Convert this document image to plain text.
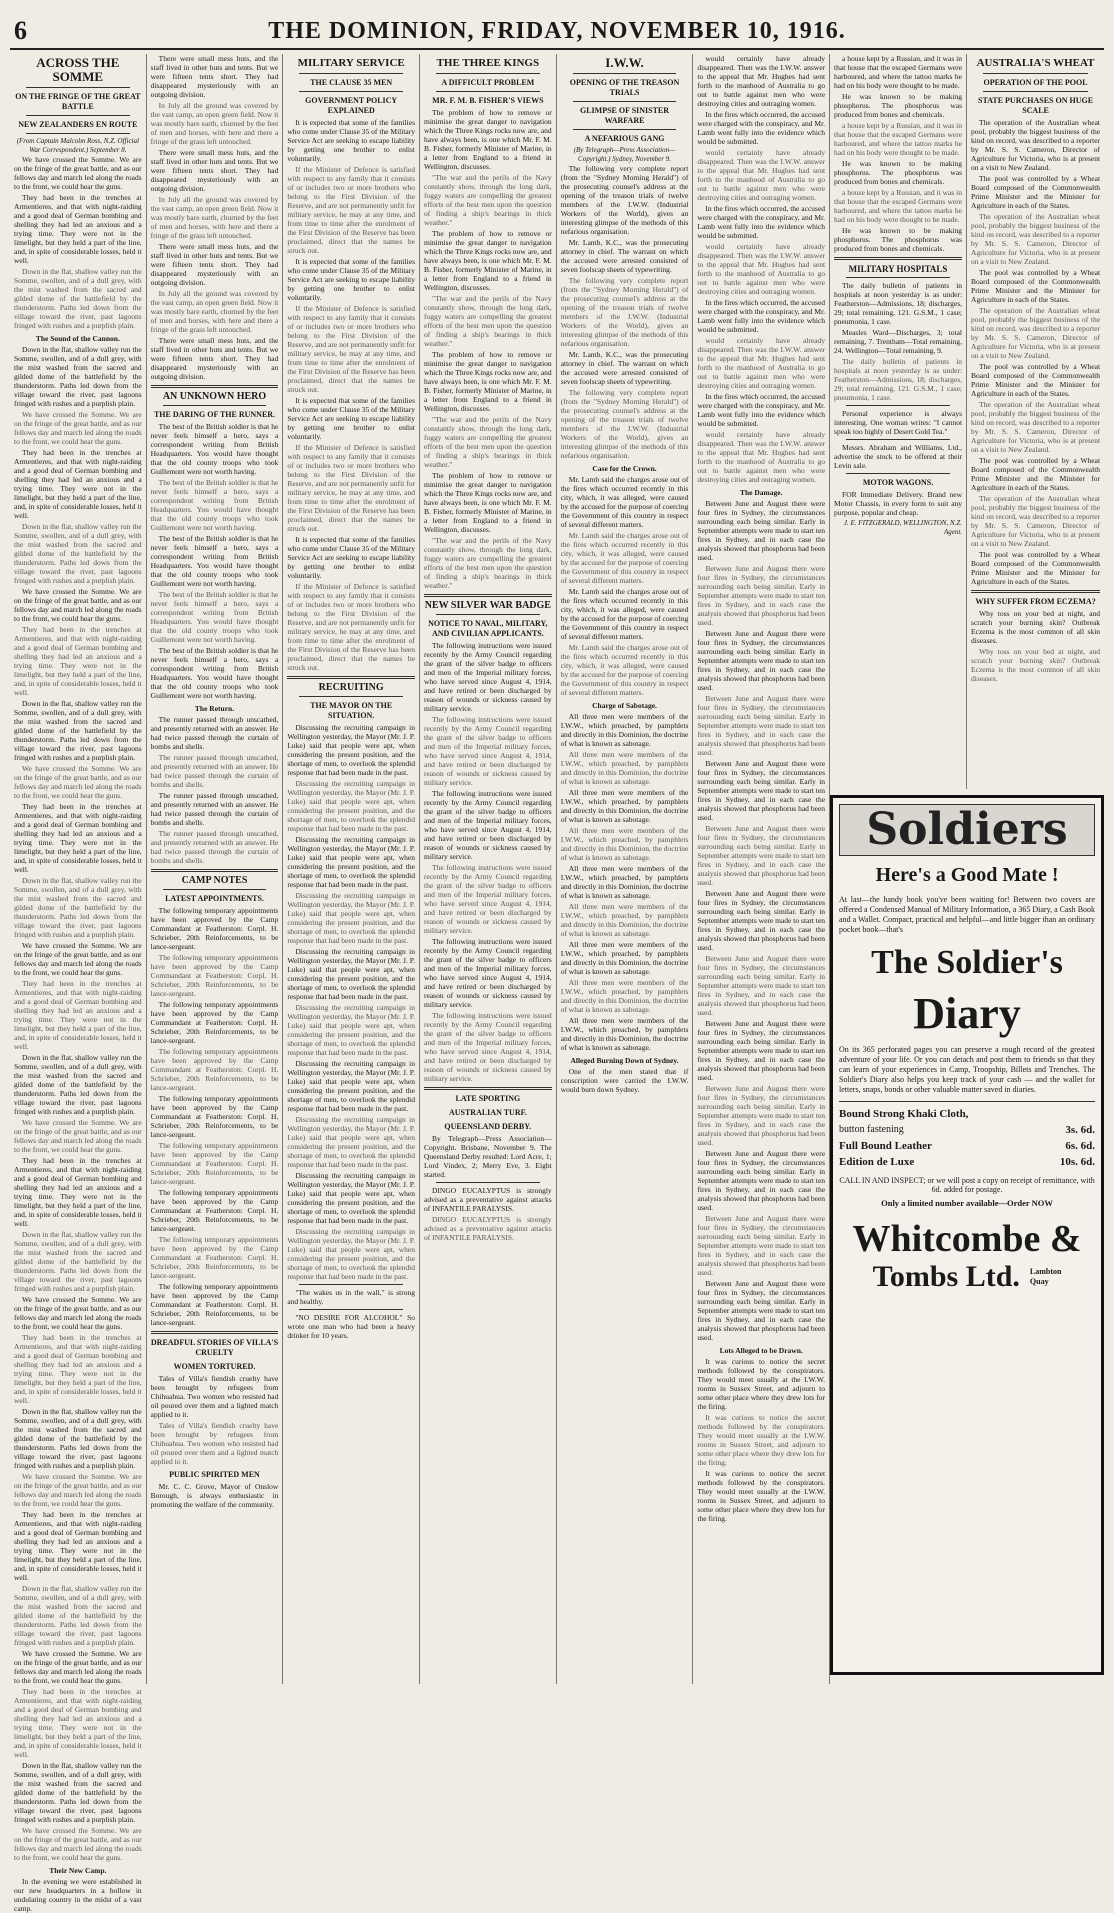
6	THE DOMINION, FRIDAY, NOVEMBER 10, 1916.
ACROSS THE SOMME
ON THE FRINGE OF THE GREAT BATTLE
NEW ZEALANDERS EN ROUTE
(From Captain Malcolm Ross, N.Z. Official War Correspondent.) September 8.

We have crossed the Somme. We are on the fringe of the great battle, and as our fellows day and march led along the roads to the front, we could hear the guns.

They had been in the trenches at Armentieres, and that with night-raiding and a good deal of German bombing and shelling they had led an anxious and a trying time. They were not in the limelight, but they held a part of the line, and, in spite of considerable losses, held it well.

Down in the flat, shallow valley run the Somme, swollen, and of a dull grey, with the mist washed from the sacred and gilded dome of the battlefield by the thunderstorm. Paths led down from the village toward the river, past lagoons fringed with rushes and a purplish plain.

The Sound of the Cannon.

Down in the flat, shallow valley run the Somme, swollen, and of a dull grey, with the mist washed from the sacred and gilded dome of the battlefield by the thunderstorm. Paths led down from the village toward the river, past lagoons fringed with rushes and a purplish plain.

We have crossed the Somme. We are on the fringe of the great battle, and as our fellows day and march led along the roads to the front, we could hear the guns.

They had been in the trenches at Armentieres, and that with night-raiding and a good deal of German bombing and shelling they had led an anxious and a trying time. They were not in the limelight, but they held a part of the line, and, in spite of considerable losses, held it well.

Down in the flat, shallow valley run the Somme, swollen, and of a dull grey, with the mist washed from the sacred and gilded dome of the battlefield by the thunderstorm. Paths led down from the village toward the river, past lagoons fringed with rushes and a purplish plain.

We have crossed the Somme. We are on the fringe of the great battle, and as our fellows day and march led along the roads to the front, we could hear the guns.

They had been in the trenches at Armentieres, and that with night-raiding and a good deal of German bombing and shelling they had led an anxious and a trying time. They were not in the limelight, but they held a part of the line, and, in spite of considerable losses, held it well.

Down in the flat, shallow valley run the Somme, swollen, and of a dull grey, with the mist washed from the sacred and gilded dome of the battlefield by the thunderstorm. Paths led down from the village toward the river, past lagoons fringed with rushes and a purplish plain.

We have crossed the Somme. We are on the fringe of the great battle, and as our fellows day and march led along the roads to the front, we could hear the guns.

They had been in the trenches at Armentieres, and that with night-raiding and a good deal of German bombing and shelling they had led an anxious and a trying time. They were not in the limelight, but they held a part of the line, and, in spite of considerable losses, held it well.

Down in the flat, shallow valley run the Somme, swollen, and of a dull grey, with the mist washed from the sacred and gilded dome of the battlefield by the thunderstorm. Paths led down from the village toward the river, past lagoons fringed with rushes and a purplish plain.

We have crossed the Somme. We are on the fringe of the great battle, and as our fellows day and march led along the roads to the front, we could hear the guns.

They had been in the trenches at Armentieres, and that with night-raiding and a good deal of German bombing and shelling they had led an anxious and a trying time. They were not in the limelight, but they held a part of the line, and, in spite of considerable losses, held it well.

Down in the flat, shallow valley run the Somme, swollen, and of a dull grey, with the mist washed from the sacred and gilded dome of the battlefield by the thunderstorm. Paths led down from the village toward the river, past lagoons fringed with rushes and a purplish plain.

We have crossed the Somme. We are on the fringe of the great battle, and as our fellows day and march led along the roads to the front, we could hear the guns.

They had been in the trenches at Armentieres, and that with night-raiding and a good deal of German bombing and shelling they had led an anxious and a trying time. They were not in the limelight, but they held a part of the line, and, in spite of considerable losses, held it well.

Down in the flat, shallow valley run the Somme, swollen, and of a dull grey, with the mist washed from the sacred and gilded dome of the battlefield by the thunderstorm. Paths led down from the village toward the river, past lagoons fringed with rushes and a purplish plain.

We have crossed the Somme. We are on the fringe of the great battle, and as our fellows day and march led along the roads to the front, we could hear the guns.

They had been in the trenches at Armentieres, and that with night-raiding and a good deal of German bombing and shelling they had led an anxious and a trying time. They were not in the limelight, but they held a part of the line, and, in spite of considerable losses, held it well.

Down in the flat, shallow valley run the Somme, swollen, and of a dull grey, with the mist washed from the sacred and gilded dome of the battlefield by the thunderstorm. Paths led down from the village toward the river, past lagoons fringed with rushes and a purplish plain.

We have crossed the Somme. We are on the fringe of the great battle, and as our fellows day and march led along the roads to the front, we could hear the guns.

They had been in the trenches at Armentieres, and that with night-raiding and a good deal of German bombing and shelling they had led an anxious and a trying time. They were not in the limelight, but they held a part of the line, and, in spite of considerable losses, held it well.

Down in the flat, shallow valley run the Somme, swollen, and of a dull grey, with the mist washed from the sacred and gilded dome of the battlefield by the thunderstorm. Paths led down from the village toward the river, past lagoons fringed with rushes and a purplish plain.

We have crossed the Somme. We are on the fringe of the great battle, and as our fellows day and march led along the roads to the front, we could hear the guns.

They had been in the trenches at Armentieres, and that with night-raiding and a good deal of German bombing and shelling they had led an anxious and a trying time. They were not in the limelight, but they held a part of the line, and, in spite of considerable losses, held it well.

Down in the flat, shallow valley run the Somme, swollen, and of a dull grey, with the mist washed from the sacred and gilded dome of the battlefield by the thunderstorm. Paths led down from the village toward the river, past lagoons fringed with rushes and a purplish plain.

We have crossed the Somme. We are on the fringe of the great battle, and as our fellows day and march led along the roads to the front, we could hear the guns.

Their New Camp.

In the evening we were established in our new headquarters in a hollow in undulating country in the midst of a vast camp.

There were small mess huts, and the staff lived in other huts and tents. But we were fifteen tents short. They had disappeared mysteriously with an outgoing division.

In July all the ground was covered by the vast camp, an open green field. Now it was mostly bare earth, churned by the feet of men and horses, with here and there a fringe of the grass left untouched.

There were small mess huts, and the staff lived in other huts and tents. But we were fifteen tents short. They had disappeared mysteriously with an outgoing division.

In July all the ground was covered by the vast camp, an open green field. Now it was mostly bare earth, churned by the feet of men and horses, with here and there a fringe of the grass left untouched.

There were small mess huts, and the staff lived in other huts and tents. But we were fifteen tents short. They had disappeared mysteriously with an outgoing division.

In July all the ground was covered by the vast camp, an open green field. Now it was mostly bare earth, churned by the feet of men and horses, with here and there a fringe of the grass left untouched.

There were small mess huts, and the staff lived in other huts and tents. But we were fifteen tents short. They had disappeared mysteriously with an outgoing division.

AN UNKNOWN HERO
THE DARING OF THE RUNNER.

The best of the British soldier is that he never feels himself a hero, says a correspondent writing from British Headquarters. You would have thought that the old county troops who took Guillemont were not worth having.

The best of the British soldier is that he never feels himself a hero, says a correspondent writing from British Headquarters. You would have thought that the old county troops who took Guillemont were not worth having.

The best of the British soldier is that he never feels himself a hero, says a correspondent writing from British Headquarters. You would have thought that the old county troops who took Guillemont were not worth having.

The best of the British soldier is that he never feels himself a hero, says a correspondent writing from British Headquarters. You would have thought that the old county troops who took Guillemont were not worth having.

The best of the British soldier is that he never feels himself a hero, says a correspondent writing from British Headquarters. You would have thought that the old county troops who took Guillemont were not worth having.

The Return.

The runner passed through unscathed, and presently returned with an answer. He had twice passed through the curtain of bombs and shells.

The runner passed through unscathed, and presently returned with an answer. He had twice passed through the curtain of bombs and shells.

The runner passed through unscathed, and presently returned with an answer. He had twice passed through the curtain of bombs and shells.

The runner passed through unscathed, and presently returned with an answer. He had twice passed through the curtain of bombs and shells.

CAMP NOTES
LATEST APPOINTMENTS.

The following temporary appointments have been approved by the Camp Commandant at Featherston: Corpl. H. Schrieber, 20th Reinforcements, to be lance-sergeant.

The following temporary appointments have been approved by the Camp Commandant at Featherston: Corpl. H. Schrieber, 20th Reinforcements, to be lance-sergeant.

The following temporary appointments have been approved by the Camp Commandant at Featherston: Corpl. H. Schrieber, 20th Reinforcements, to be lance-sergeant.

The following temporary appointments have been approved by the Camp Commandant at Featherston: Corpl. H. Schrieber, 20th Reinforcements, to be lance-sergeant.

The following temporary appointments have been approved by the Camp Commandant at Featherston: Corpl. H. Schrieber, 20th Reinforcements, to be lance-sergeant.

The following temporary appointments have been approved by the Camp Commandant at Featherston: Corpl. H. Schrieber, 20th Reinforcements, to be lance-sergeant.

The following temporary appointments have been approved by the Camp Commandant at Featherston: Corpl. H. Schrieber, 20th Reinforcements, to be lance-sergeant.

The following temporary appointments have been approved by the Camp Commandant at Featherston: Corpl. H. Schrieber, 20th Reinforcements, to be lance-sergeant.

The following temporary appointments have been approved by the Camp Commandant at Featherston: Corpl. H. Schrieber, 20th Reinforcements, to be lance-sergeant.

DREADFUL STORIES OF VILLA'S CRUELTY
WOMEN TORTURED.

Tales of Villa's fiendish cruelty have been brought by refugees from Chihuahua. Two women who resisted had oil poured over them and a lighted match applied to it.

Tales of Villa's fiendish cruelty have been brought by refugees from Chihuahua. Two women who resisted had oil poured over them and a lighted match applied to it.

PUBLIC SPIRITED MEN

Mr. C. C. Grove, Mayor of Onslow Borough, is always enthusiastic in promoting the welfare of the community.

MILITARY SERVICE
THE CLAUSE 35 MEN
GOVERNMENT POLICY EXPLAINED

It is expected that some of the families who come under Clause 35 of the Military Service Act are seeking to escape liability by getting one brother to enlist voluntarily.

If the Minister of Defence is satisfied with respect to any family that it consists of or includes two or more brothers who belong to the First Division of the Reserve, and are not permanently unfit for military service, he may at any time, and from time to time after the enrolment of the First Division of the Reserve has been proclaimed, direct that the names be struck out.

It is expected that some of the families who come under Clause 35 of the Military Service Act are seeking to escape liability by getting one brother to enlist voluntarily.

If the Minister of Defence is satisfied with respect to any family that it consists of or includes two or more brothers who belong to the First Division of the Reserve, and are not permanently unfit for military service, he may at any time, and from time to time after the enrolment of the First Division of the Reserve has been proclaimed, direct that the names be struck out.

It is expected that some of the families who come under Clause 35 of the Military Service Act are seeking to escape liability by getting one brother to enlist voluntarily.

If the Minister of Defence is satisfied with respect to any family that it consists of or includes two or more brothers who belong to the First Division of the Reserve, and are not permanently unfit for military service, he may at any time, and from time to time after the enrolment of the First Division of the Reserve has been proclaimed, direct that the names be struck out.

It is expected that some of the families who come under Clause 35 of the Military Service Act are seeking to escape liability by getting one brother to enlist voluntarily.

If the Minister of Defence is satisfied with respect to any family that it consists of or includes two or more brothers who belong to the First Division of the Reserve, and are not permanently unfit for military service, he may at any time, and from time to time after the enrolment of the First Division of the Reserve has been proclaimed, direct that the names be struck out.

RECRUITING
THE MAYOR ON THE SITUATION.

Discussing the recruiting campaign in Wellington yesterday, the Mayor (Mr. J. P. Luke) said that people were apt, when considering the present position, and the shortage of men, to overlook the splendid response that had been made in the past.

Discussing the recruiting campaign in Wellington yesterday, the Mayor (Mr. J. P. Luke) said that people were apt, when considering the present position, and the shortage of men, to overlook the splendid response that had been made in the past.

Discussing the recruiting campaign in Wellington yesterday, the Mayor (Mr. J. P. Luke) said that people were apt, when considering the present position, and the shortage of men, to overlook the splendid response that had been made in the past.

Discussing the recruiting campaign in Wellington yesterday, the Mayor (Mr. J. P. Luke) said that people were apt, when considering the present position, and the shortage of men, to overlook the splendid response that had been made in the past.

Discussing the recruiting campaign in Wellington yesterday, the Mayor (Mr. J. P. Luke) said that people were apt, when considering the present position, and the shortage of men, to overlook the splendid response that had been made in the past.

Discussing the recruiting campaign in Wellington yesterday, the Mayor (Mr. J. P. Luke) said that people were apt, when considering the present position, and the shortage of men, to overlook the splendid response that had been made in the past.

Discussing the recruiting campaign in Wellington yesterday, the Mayor (Mr. J. P. Luke) said that people were apt, when considering the present position, and the shortage of men, to overlook the splendid response that had been made in the past.

Discussing the recruiting campaign in Wellington yesterday, the Mayor (Mr. J. P. Luke) said that people were apt, when considering the present position, and the shortage of men, to overlook the splendid response that had been made in the past.

Discussing the recruiting campaign in Wellington yesterday, the Mayor (Mr. J. P. Luke) said that people were apt, when considering the present position, and the shortage of men, to overlook the splendid response that had been made in the past.

Discussing the recruiting campaign in Wellington yesterday, the Mayor (Mr. J. P. Luke) said that people were apt, when considering the present position, and the shortage of men, to overlook the splendid response that had been made in the past.

"The wakes us in the wall," is strong and healthy.

"NO DESIRE FOR ALCOHOL" So wrote one man who had been a heavy drinker for 10 years.

THE THREE KINGS
A DIFFICULT PROBLEM
MR. F. M. B. FISHER'S VIEWS

The problem of how to remove or minimise the great danger to navigation which the Three Kings rocks now are, and have always been, is one which Mr. F. M. B. Fisher, formerly Minister of Marine, in a letter from England to a friend in Wellington, discusses.

"The war and the perils of the Navy constantly show, through the long dark, foggy waters are compelling the greatest efforts of the best men upon the question of finding a ship's bearings in thick weather."

The problem of how to remove or minimise the great danger to navigation which the Three Kings rocks now are, and have always been, is one which Mr. F. M. B. Fisher, formerly Minister of Marine, in a letter from England to a friend in Wellington, discusses.

"The war and the perils of the Navy constantly show, through the long dark, foggy waters are compelling the greatest efforts of the best men upon the question of finding a ship's bearings in thick weather."

The problem of how to remove or minimise the great danger to navigation which the Three Kings rocks now are, and have always been, is one which Mr. F. M. B. Fisher, formerly Minister of Marine, in a letter from England to a friend in Wellington, discusses.

"The war and the perils of the Navy constantly show, through the long dark, foggy waters are compelling the greatest efforts of the best men upon the question of finding a ship's bearings in thick weather."

The problem of how to remove or minimise the great danger to navigation which the Three Kings rocks now are, and have always been, is one which Mr. F. M. B. Fisher, formerly Minister of Marine, in a letter from England to a friend in Wellington, discusses.

"The war and the perils of the Navy constantly show, through the long dark, foggy waters are compelling the greatest efforts of the best men upon the question of finding a ship's bearings in thick weather."

NEW SILVER WAR BADGE
NOTICE TO NAVAL, MILITARY, AND CIVILIAN APPLICANTS.

The following instructions were issued recently by the Army Council regarding the grant of the silver badge to officers and men of the Imperial military forces, who have served since August 4, 1914, and have retired or been discharged by reason of wounds or sickness caused by military service.

The following instructions were issued recently by the Army Council regarding the grant of the silver badge to officers and men of the Imperial military forces, who have served since August 4, 1914, and have retired or been discharged by reason of wounds or sickness caused by military service.

The following instructions were issued recently by the Army Council regarding the grant of the silver badge to officers and men of the Imperial military forces, who have served since August 4, 1914, and have retired or been discharged by reason of wounds or sickness caused by military service.

The following instructions were issued recently by the Army Council regarding the grant of the silver badge to officers and men of the Imperial military forces, who have served since August 4, 1914, and have retired or been discharged by reason of wounds or sickness caused by military service.

The following instructions were issued recently by the Army Council regarding the grant of the silver badge to officers and men of the Imperial military forces, who have served since August 4, 1914, and have retired or been discharged by reason of wounds or sickness caused by military service.

The following instructions were issued recently by the Army Council regarding the grant of the silver badge to officers and men of the Imperial military forces, who have served since August 4, 1914, and have retired or been discharged by reason of wounds or sickness caused by military service.

LATE SPORTING
AUSTRALIAN TURF.
QUEENSLAND DERBY.

By Telegraph—Press Association—Copyright. Brisbane, November 9. The Queensland Derby resulted: Lord Acre, 1; Lord Vindex, 2; Merry Eve, 3. Eight started.

DINGO EUCALYPTUS is strongly advised as a preventative against attacks of INFANTILE PARALYSIS.

DINGO EUCALYPTUS is strongly advised as a preventative against attacks of INFANTILE PARALYSIS.

I.W.W.
OPENING OF THE TREASON TRIALS
GLIMPSE OF SINISTER WARFARE
A NEFARIOUS GANG
(By Telegraph—Press Association—Copyright.) Sydney, November 9.

The following very complete report (from the "Sydney Morning Herald") of the prosecuting counsel's address at the opening of the treason trials of twelve members of the I.W.W. (Industrial Workers of the World), gives an interesting glimpse of the methods of this nefarious organisation.

Mr. Lamb, K.C., was the prosecuting attorney in chief. The warrant on which the accused were arrested consisted of seven foolscap sheets of typewriting.

The following very complete report (from the "Sydney Morning Herald") of the prosecuting counsel's address at the opening of the treason trials of twelve members of the I.W.W. (Industrial Workers of the World), gives an interesting glimpse of the methods of this nefarious organisation.

Mr. Lamb, K.C., was the prosecuting attorney in chief. The warrant on which the accused were arrested consisted of seven foolscap sheets of typewriting.

The following very complete report (from the "Sydney Morning Herald") of the prosecuting counsel's address at the opening of the treason trials of twelve members of the I.W.W. (Industrial Workers of the World), gives an interesting glimpse of the methods of this nefarious organisation.

Case for the Crown.

Mr. Lamb said the charges arose out of the fires which occurred recently in this city, which, it was alleged, were caused by the accused for the purpose of coercing the Government of this country in respect of several different matters.

Mr. Lamb said the charges arose out of the fires which occurred recently in this city, which, it was alleged, were caused by the accused for the purpose of coercing the Government of this country in respect of several different matters.

Mr. Lamb said the charges arose out of the fires which occurred recently in this city, which, it was alleged, were caused by the accused for the purpose of coercing the Government of this country in respect of several different matters.

Mr. Lamb said the charges arose out of the fires which occurred recently in this city, which, it was alleged, were caused by the accused for the purpose of coercing the Government of this country in respect of several different matters.

Charge of Sabotage.

All three men were members of the I.W.W., which preached, by pamphlets and directly in this Dominion, the doctrine of what is known as sabotage.

All three men were members of the I.W.W., which preached, by pamphlets and directly in this Dominion, the doctrine of what is known as sabotage.

All three men were members of the I.W.W., which preached, by pamphlets and directly in this Dominion, the doctrine of what is known as sabotage.

All three men were members of the I.W.W., which preached, by pamphlets and directly in this Dominion, the doctrine of what is known as sabotage.

All three men were members of the I.W.W., which preached, by pamphlets and directly in this Dominion, the doctrine of what is known as sabotage.

All three men were members of the I.W.W., which preached, by pamphlets and directly in this Dominion, the doctrine of what is known as sabotage.

All three men were members of the I.W.W., which preached, by pamphlets and directly in this Dominion, the doctrine of what is known as sabotage.

All three men were members of the I.W.W., which preached, by pamphlets and directly in this Dominion, the doctrine of what is known as sabotage.

All three men were members of the I.W.W., which preached, by pamphlets and directly in this Dominion, the doctrine of what is known as sabotage.

Alleged Burning Down of Sydney.

One of the men stated that if conscription were carried the I.W.W. would burn down Sydney.

would certainly have already disappeared. Then was the I.W.W. answer to the appeal that Mr. Hughes had sent forth to the manhood of Australia to go out to battle against men who were destroying cities and outraging women.

In the fires which occurred, the accused were charged with the conspiracy, and Mr. Lamb went fully into the evidence which would be submitted.

would certainly have already disappeared. Then was the I.W.W. answer to the appeal that Mr. Hughes had sent forth to the manhood of Australia to go out to battle against men who were destroying cities and outraging women.

In the fires which occurred, the accused were charged with the conspiracy, and Mr. Lamb went fully into the evidence which would be submitted.

would certainly have already disappeared. Then was the I.W.W. answer to the appeal that Mr. Hughes had sent forth to the manhood of Australia to go out to battle against men who were destroying cities and outraging women.

In the fires which occurred, the accused were charged with the conspiracy, and Mr. Lamb went fully into the evidence which would be submitted.

would certainly have already disappeared. Then was the I.W.W. answer to the appeal that Mr. Hughes had sent forth to the manhood of Australia to go out to battle against men who were destroying cities and outraging women.

In the fires which occurred, the accused were charged with the conspiracy, and Mr. Lamb went fully into the evidence which would be submitted.

would certainly have already disappeared. Then was the I.W.W. answer to the appeal that Mr. Hughes had sent forth to the manhood of Australia to go out to battle against men who were destroying cities and outraging women.

The Damage.

Between June and August there were four fires in Sydney, the circumstances surrounding each being similar. Early in September attempts were made to start ten fires in Sydney, and in each case the analysis showed that phosphorus had been used.

Between June and August there were four fires in Sydney, the circumstances surrounding each being similar. Early in September attempts were made to start ten fires in Sydney, and in each case the analysis showed that phosphorus had been used.

Between June and August there were four fires in Sydney, the circumstances surrounding each being similar. Early in September attempts were made to start ten fires in Sydney, and in each case the analysis showed that phosphorus had been used.

Between June and August there were four fires in Sydney, the circumstances surrounding each being similar. Early in September attempts were made to start ten fires in Sydney, and in each case the analysis showed that phosphorus had been used.

Between June and August there were four fires in Sydney, the circumstances surrounding each being similar. Early in September attempts were made to start ten fires in Sydney, and in each case the analysis showed that phosphorus had been used.

Between June and August there were four fires in Sydney, the circumstances surrounding each being similar. Early in September attempts were made to start ten fires in Sydney, and in each case the analysis showed that phosphorus had been used.

Between June and August there were four fires in Sydney, the circumstances surrounding each being similar. Early in September attempts were made to start ten fires in Sydney, and in each case the analysis showed that phosphorus had been used.

Between June and August there were four fires in Sydney, the circumstances surrounding each being similar. Early in September attempts were made to start ten fires in Sydney, and in each case the analysis showed that phosphorus had been used.

Between June and August there were four fires in Sydney, the circumstances surrounding each being similar. Early in September attempts were made to start ten fires in Sydney, and in each case the analysis showed that phosphorus had been used.

Between June and August there were four fires in Sydney, the circumstances surrounding each being similar. Early in September attempts were made to start ten fires in Sydney, and in each case the analysis showed that phosphorus had been used.

Between June and August there were four fires in Sydney, the circumstances surrounding each being similar. Early in September attempts were made to start ten fires in Sydney, and in each case the analysis showed that phosphorus had been used.

Between June and August there were four fires in Sydney, the circumstances surrounding each being similar. Early in September attempts were made to start ten fires in Sydney, and in each case the analysis showed that phosphorus had been used.

Between June and August there were four fires in Sydney, the circumstances surrounding each being similar. Early in September attempts were made to start ten fires in Sydney, and in each case the analysis showed that phosphorus had been used.

Lots Alleged to be Drawn.

It was curious to notice the secret methods followed by the conspirators. They would meet usually at the I.W.W. rooms in Sussex Street, and adjourn to some other place where they drew lots for the firing.

It was curious to notice the secret methods followed by the conspirators. They would meet usually at the I.W.W. rooms in Sussex Street, and adjourn to some other place where they drew lots for the firing.

It was curious to notice the secret methods followed by the conspirators. They would meet usually at the I.W.W. rooms in Sussex Street, and adjourn to some other place where they drew lots for the firing.

a house kept by a Russian, and it was in that house that the escaped Germans were harboured, and where the tattoo marks he had on his body were thought to be made.

He was known to be making phosphorus. The phosphorus was produced from bones and chemicals.

a house kept by a Russian, and it was in that house that the escaped Germans were harboured, and where the tattoo marks he had on his body were thought to be made.

He was known to be making phosphorus. The phosphorus was produced from bones and chemicals.

a house kept by a Russian, and it was in that house that the escaped Germans were harboured, and where the tattoo marks he had on his body were thought to be made.

He was known to be making phosphorus. The phosphorus was produced from bones and chemicals.

MILITARY HOSPITALS

The daily bulletin of patients in hospitals at noon yesterday is as under: Featherston—Admissions, 18; discharges, 29; total remaining, 121. G.S.M., 1 case; pneumonia, 1 case.

Measles Ward—Discharges, 3; total remaining, 7. Trentham—Total remaining, 24. Wellington—Total remaining, 9.

The daily bulletin of patients in hospitals at noon yesterday is as under: Featherston—Admissions, 18; discharges, 29; total remaining, 121. G.S.M., 1 case; pneumonia, 1 case.

Personal experience is always interesting. One woman writes: "I cannot speak too highly of Desert Gold Tea."

Messrs. Abraham and Williams, Ltd., advertise the stock to be offered at their Levin sale.

MOTOR WAGONS.

FOR Immediate Delivery. Brand new Motor Chassis, in every form to suit any purpose, popular and cheap.

J. E. FITZGERALD, WELLINGTON, N.Z. Agent.
AUSTRALIA'S WHEAT
OPERATION OF THE POOL
STATE PURCHASES ON HUGE SCALE

The operation of the Australian wheat pool, probably the biggest business of the kind on record, was described to a reporter by Mr. S. S. Cameron, Director of Agriculture for Victoria, who is at present on a visit to New Zealand.

The pool was controlled by a Wheat Board composed of the Commonwealth Prime Minister and the Minister for Agriculture in each of the States.

The operation of the Australian wheat pool, probably the biggest business of the kind on record, was described to a reporter by Mr. S. S. Cameron, Director of Agriculture for Victoria, who is at present on a visit to New Zealand.

The pool was controlled by a Wheat Board composed of the Commonwealth Prime Minister and the Minister for Agriculture in each of the States.

The operation of the Australian wheat pool, probably the biggest business of the kind on record, was described to a reporter by Mr. S. S. Cameron, Director of Agriculture for Victoria, who is at present on a visit to New Zealand.

The pool was controlled by a Wheat Board composed of the Commonwealth Prime Minister and the Minister for Agriculture in each of the States.

The operation of the Australian wheat pool, probably the biggest business of the kind on record, was described to a reporter by Mr. S. S. Cameron, Director of Agriculture for Victoria, who is at present on a visit to New Zealand.

The pool was controlled by a Wheat Board composed of the Commonwealth Prime Minister and the Minister for Agriculture in each of the States.

The operation of the Australian wheat pool, probably the biggest business of the kind on record, was described to a reporter by Mr. S. S. Cameron, Director of Agriculture for Victoria, who is at present on a visit to New Zealand.

The pool was controlled by a Wheat Board composed of the Commonwealth Prime Minister and the Minister for Agriculture in each of the States.

WHY SUFFER FROM ECZEMA?

Why toss on your bed at night, and scratch your burning skin? Outbreak Eczema is the most common of all skin diseases.

Why toss on your bed at night, and scratch your burning skin? Outbreak Eczema is the most common of all skin diseases.

Soldiers
Here's a Good Mate !
At last—the handy book you've been waiting for! Between two covers are offered a Condensed Manual of Military Information, a 365 Diary, a Cash Book and a Wallet. Compact, practical and helpful—and little bigger than an ordinary pocket book—that's
The Soldier's
Diary
On its 365 perforated pages you can preserve a rough record of the greatest adventure of your life. Or you can detach and post them to friends so that they can learn of your experiences in Camp, Troopship, Billets and Trenches. The Soldier's Diary also helps you keep track of your cash — and the wallet for letters, snaps, bonds or other valuable matter saved in diaries.
Bound Strong Khaki Cloth,
button fastening	3s. 6d.
Full Bound Leather	6s. 6d.
Edition de Luxe	10s. 6d.
CALL IN AND INSPECT; or we will post a copy on receipt of remittance, with 6d. added for postage.
Only a limited number available—Order NOW
Whitcombe &
Tombs Ltd. Lambton
Quay
